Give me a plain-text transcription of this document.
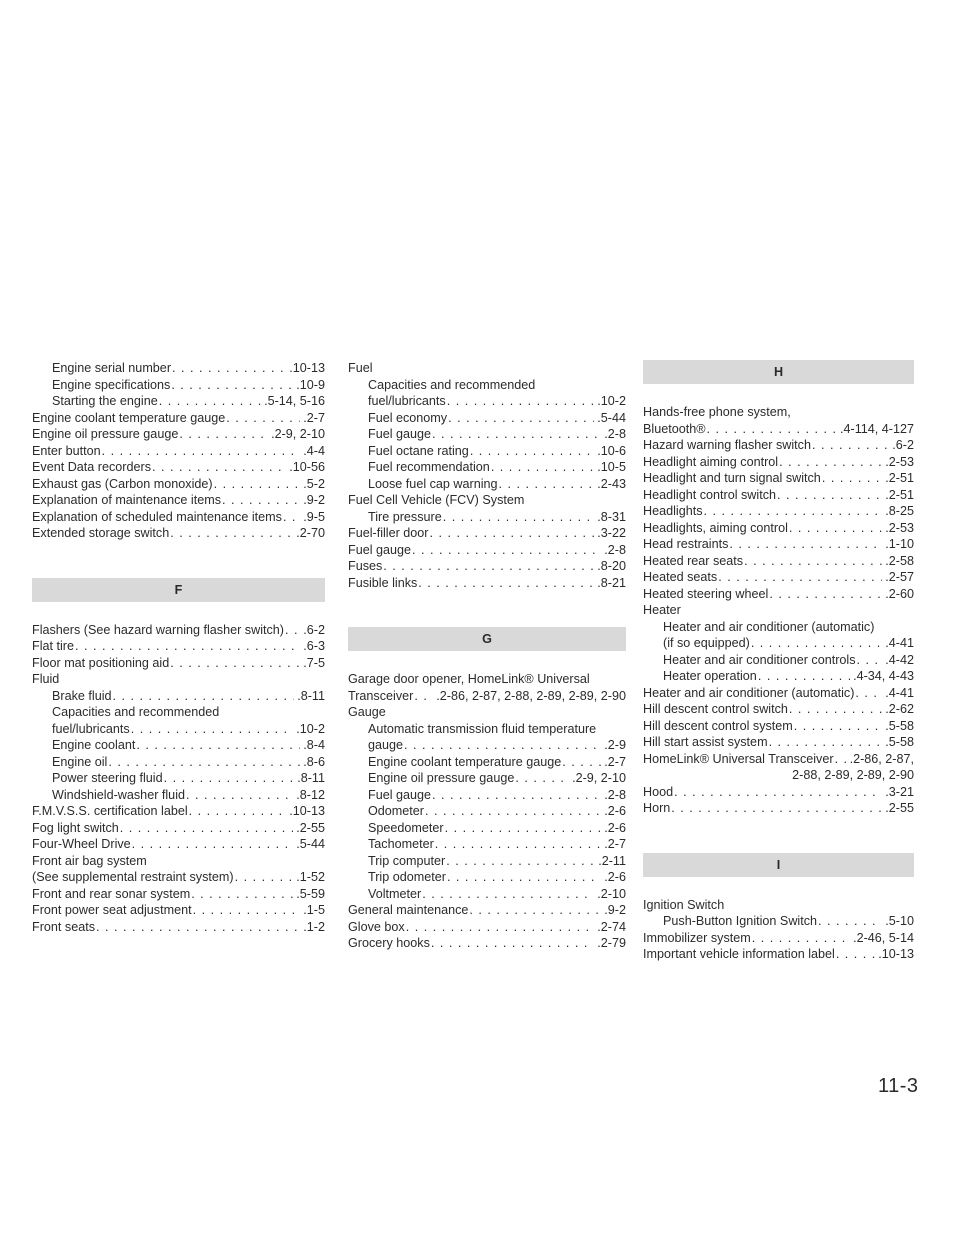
Engine serial number . . .	.10-13
Engine specifications . . .	.10-9
Starting the engine . . .	.5-14, 5-16
Engine coolant temperature gauge . . .	.2-7
Engine oil pressure gauge . . .	.2-9, 2-10
Enter button . . .	.4-4
Event Data recorders . . .	.10-56
Exhaust gas (Carbon monoxide) . . .	.5-2
Explanation of maintenance items . . .	.9-2
Explanation of scheduled maintenance items . . . .9-5
Extended storage switch . . .	.2-70
F
Flashers (See hazard warning flasher switch) . . . .6-2
Flat tire . . .	.6-3
Floor mat positioning aid . . .	.7-5
Fluid
Brake fluid . . .	.8-11
Capacities and recommended
fuel/lubricants . . .	.10-2
Engine coolant . . .	.8-4
Engine oil . . .	.8-6
Power steering fluid . . .	.8-11
Windshield-washer fluid . . .	.8-12
F.M.V.S.S. certification label . . .	.10-13
Fog light switch . . .	.2-55
Four-Wheel Drive . . .	.5-44
Front air bag system
(See supplemental restraint system) . . .	.1-52
Front and rear sonar system . . .	.5-59
Front power seat adjustment . . .	.1-5
Front seats . . .	.1-2
Fuel
Capacities and recommended
fuel/lubricants . . .	.10-2
Fuel economy . . .	.5-44
Fuel gauge . . .	.2-8
Fuel octane rating . . .	.10-6
Fuel recommendation . . .	.10-5
Loose fuel cap warning . . .	.2-43
Fuel Cell Vehicle (FCV) System
Tire pressure . . .	.8-31
Fuel-filler door . . .	.3-22
Fuel gauge . . .	.2-8
Fuses . . .	.8-20
Fusible links . . .	.8-21
G
Garage door opener, HomeLink® Universal
Transceiver . . . .2-86, 2-87, 2-88, 2-89, 2-89, 2-90
Gauge
Automatic transmission fluid temperature
gauge . . .	.2-9
Engine coolant temperature gauge . . .	.2-7
Engine oil pressure gauge . . .	.2-9, 2-10
Fuel gauge . . .	.2-8
Odometer . . .	.2-6
Speedometer . . .	.2-6
Tachometer . . .	.2-7
Trip computer . . .	.2-11
Trip odometer . . .	.2-6
Voltmeter . . .	.2-10
General maintenance . . .	.9-2
Glove box . . .	.2-74
Grocery hooks . . .	.2-79
H
Hands-free phone system,
Bluetooth® . . .	.4-114, 4-127
Hazard warning flasher switch . . .	.6-2
Headlight aiming control . . .	.2-53
Headlight and turn signal switch . . .	.2-51
Headlight control switch . . .	.2-51
Headlights . . .	.8-25
Headlights, aiming control . . .	.2-53
Head restraints . . .	.1-10
Heated rear seats . . .	.2-58
Heated seats . . .	.2-57
Heated steering wheel . . .	.2-60
Heater
Heater and air conditioner (automatic)
(if so equipped) . . .	.4-41
Heater and air conditioner controls . . . .4-42
Heater operation . . .	.4-34, 4-43
Heater and air conditioner (automatic) . . . .4-41
Hill descent control switch . . .	.2-62
Hill descent control system . . .	.5-58
Hill start assist system . . .	.5-58
HomeLink® Universal Transceiver . . . .2-86, 2-87,
2-88, 2-89, 2-89, 2-90
Hood . . .	.3-21
Horn . . .	.2-55
I
Ignition Switch
Push-Button Ignition Switch . . .	.5-10
Immobilizer system . . .	.2-46, 5-14
Important vehicle information label . . .	.10-13
11-3
